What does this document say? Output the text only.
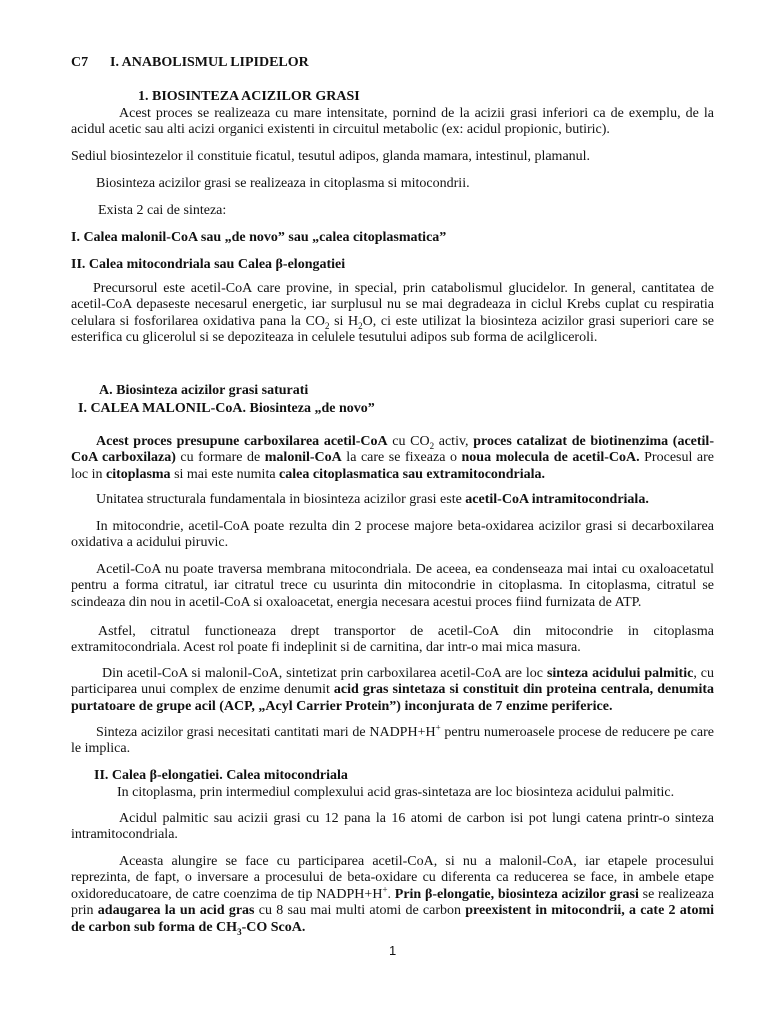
C7 I. ANABOLISMUL LIPIDELOR
1. BIOSINTEZA ACIZILOR GRASI

Acest proces se realizeaza cu mare intensitate, pornind de la acizii grasi inferiori ca de exemplu, de la acidul acetic sau alti acizi organici existenti in circuitul metabolic (ex: acidul propionic, butiric).

Sediul biosintezelor il constituie ficatul, tesutul adipos, glanda mamara, intestinul, plamanul.

Biosinteza acizilor grasi se realizeaza in citoplasma si mitocondrii.

Exista 2 cai de sinteza:

I. Calea malonil-CoA sau „de novo” sau „calea citoplasmatica”
II. Calea mitocondriala sau Calea β-elongatiei

Precursorul este acetil-CoA care provine, in special, prin catabolismul glucidelor. In general, cantitatea de acetil-CoA depaseste necesarul energetic, iar surplusul nu se mai degradeaza in ciclul Krebs cuplat cu respiratia celulara si fosforilarea oxidativa pana la $CO_2$ si $H_2O$, ci este utilizat la biosinteza acizilor grasi superiori care se esterifica cu glicerolul si se depoziteaza in celulele tesutului adipos sub forma de acilgliceroli.

A. Biosinteza acizilor grasi saturati
I. CALEA MALONIL-CoA. Biosinteza „de novo”

Acest proces presupune carboxilarea acetil-CoA cu $CO_2$ activ, proces catalizat de biotinenzima (acetil-CoA carboxilaza) cu formare de malonil-CoA la care se fixeaza o noua molecula de acetil-CoA. Procesul are loc in citoplasma si mai este numita calea citoplasmatica sau extramitocondriala.

Unitatea structurala fundamentala in biosinteza acizilor grasi este acetil-CoA intramitocondriala.

In mitocondrie, acetil-CoA poate rezulta din 2 procese majore beta-oxidarea acizilor grasi si decarboxilarea oxidativa a acidului piruvic.

Acetil-CoA nu poate traversa membrana mitocondriala. De aceea, ea condenseaza mai intai cu oxaloacetatul pentru a forma citratul, iar citratul trece cu usurinta din mitocondrie in citoplasma. In citoplasma, citratul se scindeaza din nou in acetil-CoA si oxaloacetat, energia necesara acestui proces fiind furnizata de ATP.

Astfel, citratul functioneaza drept transportor de acetil-CoA din mitocondrie in citoplasma extramitocondriala. Acest rol poate fi indeplinit si de carnitina, dar intr-o mai mica masura.

Din acetil-CoA si malonil-CoA, sintetizat prin carboxilarea acetil-CoA are loc sinteza acidului palmitic, cu participarea unui complex de enzime denumit acid gras sintetaza si constituit din proteina centrala, denumita purtatoare de grupe acil (ACP, „Acyl Carrier Protein”) inconjurata de 7 enzime periferice.

Sinteza acizilor grasi necesitati cantitati mari de NADPH+H+ pentru numeroasele procese de reducere pe care le implica.

II. Calea β-elongatiei. Calea mitocondriala
In citoplasma, prin intermediul complexului acid gras-sintetaza are loc biosinteza acidului palmitic.

Acidul palmitic sau acizii grasi cu 12 pana la 16 atomi de carbon isi pot lungi catena printr-o sinteza intramitocondriala.

Aceasta alungire se face cu participarea acetil-CoA, si nu a malonil-CoA, iar etapele procesului reprezinta, de fapt, o inversare a procesului de beta-oxidare cu diferenta ca reducerea se face, in ambele etape oxidoreducatoare, de catre coenzima de tip NADPH+H+. Prin β-elongatie, biosinteza acizilor grasi se realizeaza prin adaugarea la un acid gras cu 8 sau mai multi atomi de carbon preexistent in mitocondrii, a cate 2 atomi de carbon sub forma de $CH_3-CO$ ScoA.

1
